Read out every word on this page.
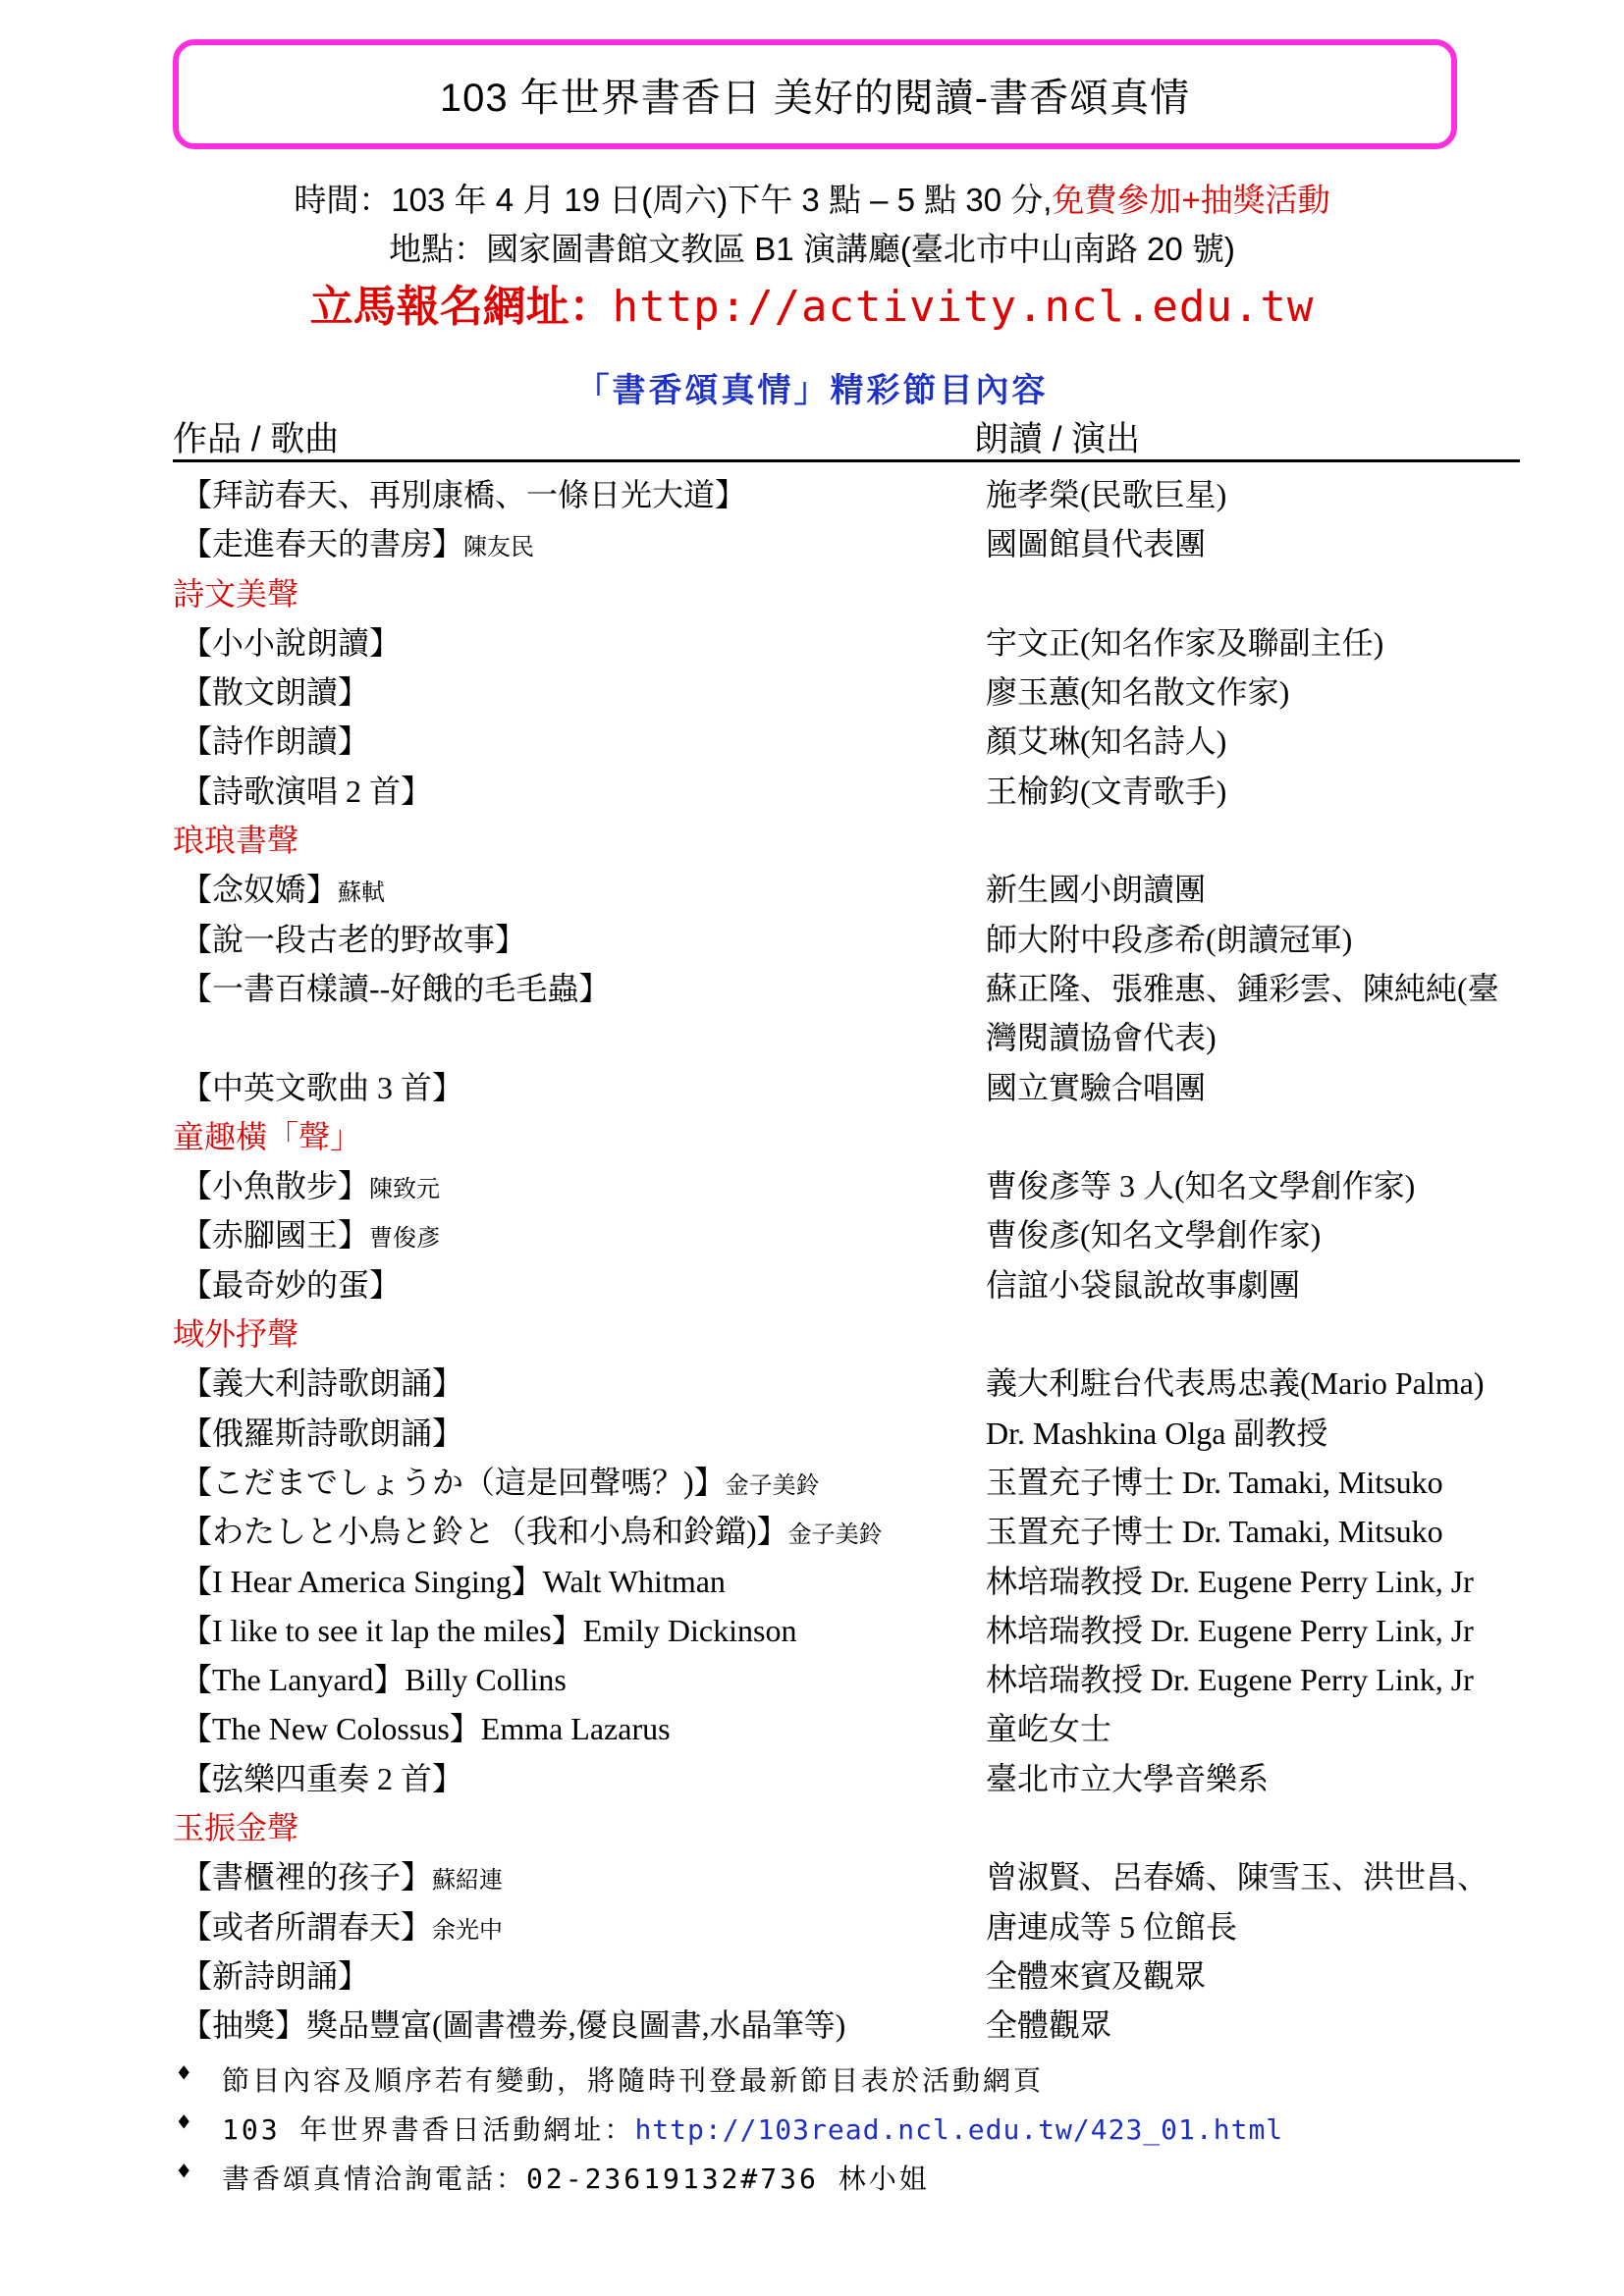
103 年世界書香日 美好的閱讀-書香頌真情
時間：103 年 4 月 19 日(周六)下午 3 點 – 5 點 30 分,免費參加+抽獎活動
地點：國家圖書館文教區 B1 演講廳(臺北市中山南路 20 號)
立馬報名網址：http://activity.ncl.edu.tw
「書香頌真情」精彩節目內容
作品 / 歌曲	朗讀 / 演出
【拜訪春天、再別康橋、一條日光大道】	施孝榮(民歌巨星)
【走進春天的書房】陳友民	國圖館員代表團
詩文美聲
【小小說朗讀】	宇文正(知名作家及聯副主任)
【散文朗讀】	廖玉蕙(知名散文作家)
【詩作朗讀】	顏艾琳(知名詩人)
【詩歌演唱 2 首】	王榆鈞(文青歌手)
琅琅書聲
【念奴嬌】蘇軾	新生國小朗讀團
【說一段古老的野故事】	師大附中段彥希(朗讀冠軍)
【一書百樣讀--好餓的毛毛蟲】	蘇正隆、張雅惠、鍾彩雲、陳純純(臺
灣閱讀協會代表)
【中英文歌曲 3 首】	國立實驗合唱團
童趣橫「聲」
【小魚散步】陳致元	曹俊彥等 3 人(知名文學創作家)
【赤腳國王】曹俊彥	曹俊彥(知名文學創作家)
【最奇妙的蛋】	信誼小袋鼠說故事劇團
域外抒聲
【義大利詩歌朗誦】	義大利駐台代表馬忠義(Mario Palma)
【俄羅斯詩歌朗誦】	Dr. Mashkina Olga 副教授
【こだまでしょうか（這是回聲嗎？)】金子美鈴	玉置充子博士 Dr. Tamaki, Mitsuko
【わたしと小鳥と鈴と（我和小鳥和鈴鐺)】金子美鈴	玉置充子博士 Dr. Tamaki, Mitsuko
【I Hear America Singing】Walt Whitman	林培瑞教授 Dr. Eugene Perry Link, Jr
【I like to see it lap the miles】Emily Dickinson	林培瑞教授 Dr. Eugene Perry Link, Jr
【The Lanyard】Billy Collins	林培瑞教授 Dr. Eugene Perry Link, Jr
【The New Colossus】Emma Lazarus	童屹女士
【弦樂四重奏 2 首】	臺北市立大學音樂系
玉振金聲
【書櫃裡的孩子】蘇紹連	曾淑賢、呂春嬌、陳雪玉、洪世昌、
【或者所謂春天】余光中	唐連成等 5 位館長
【新詩朗誦】	全體來賓及觀眾
【抽獎】獎品豐富(圖書禮劵,優良圖書,水晶筆等)	全體觀眾
♦ 節目內容及順序若有變動，將隨時刊登最新節目表於活動網頁
♦ 103 年世界書香日活動網址：http://103read.ncl.edu.tw/423_01.html
♦ 書香頌真情洽詢電話：02-23619132#736 林小姐
